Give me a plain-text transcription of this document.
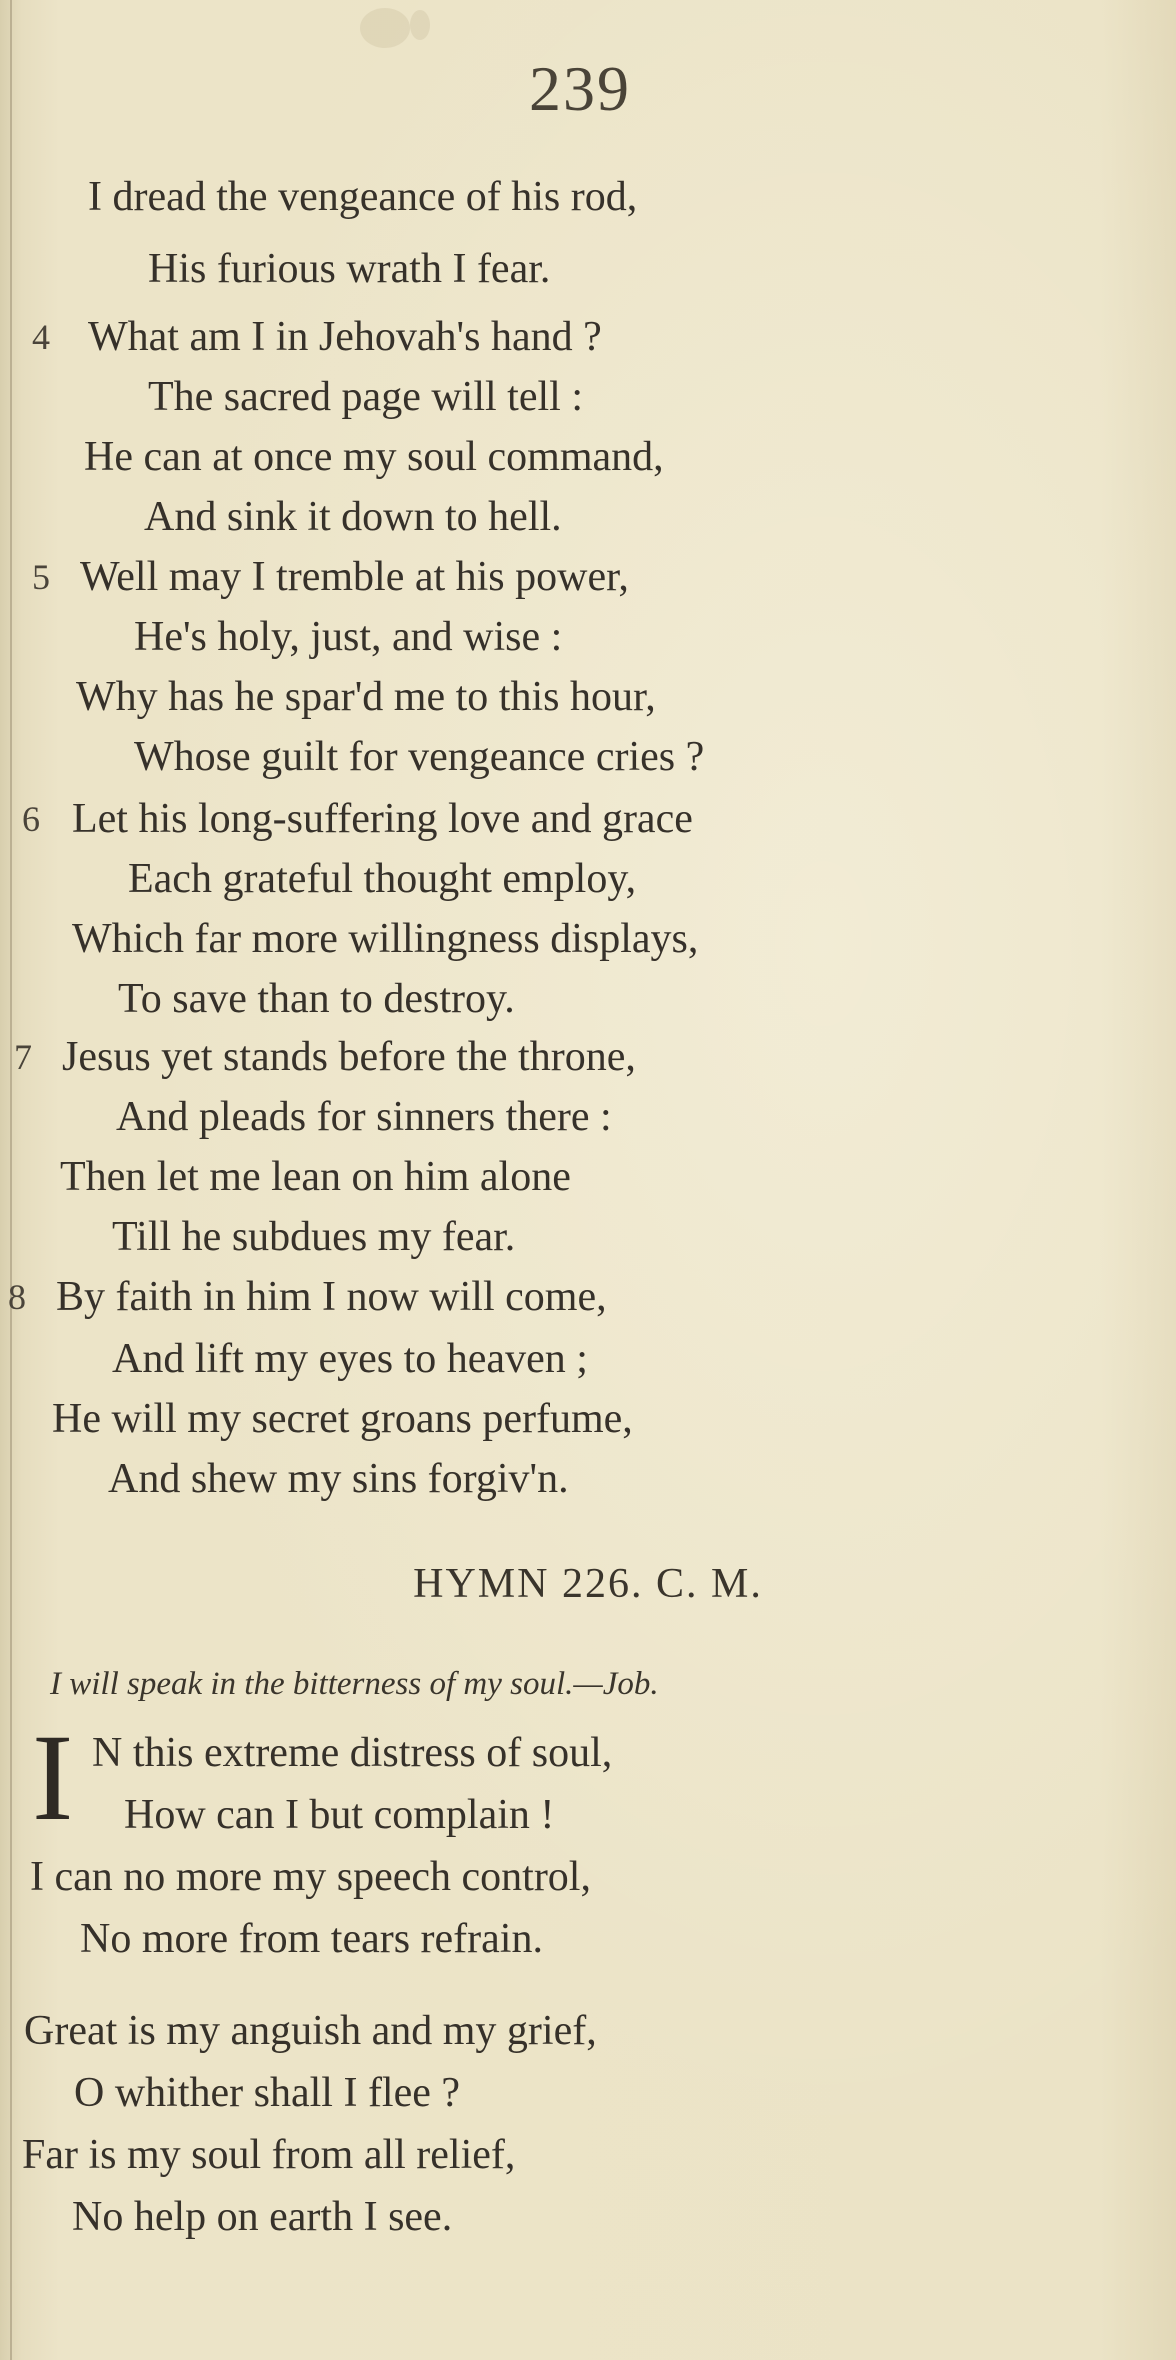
239
I dread the vengeance of his rod,
His furious wrath I fear.
4 What am I in Jehovah's hand ?
The sacred page will tell :
He can at once my soul command,
And sink it down to hell.
5 Well may I tremble at his power,
He's holy, just, and wise :
Why has he spar'd me to this hour,
Whose guilt for vengeance cries ?
6 Let his long-suffering love and grace
Each grateful thought employ,
Which far more willingness displays,
To save than to destroy.
7 Jesus yet stands before the throne,
And pleads for sinners there :
Then let me lean on him alone
Till he subdues my fear.
8 By faith in him I now will come,
And lift my eyes to heaven ;
He will my secret groans perfume,
And shew my sins forgiv'n.
HYMN 226. C. M.
I will speak in the bitterness of my soul.—Job.
I N this extreme distress of soul,
How can I but complain !
I can no more my speech control,
No more from tears refrain.
Great is my anguish and my grief,
O whither shall I flee ?
Far is my soul from all relief,
No help on earth I see.
